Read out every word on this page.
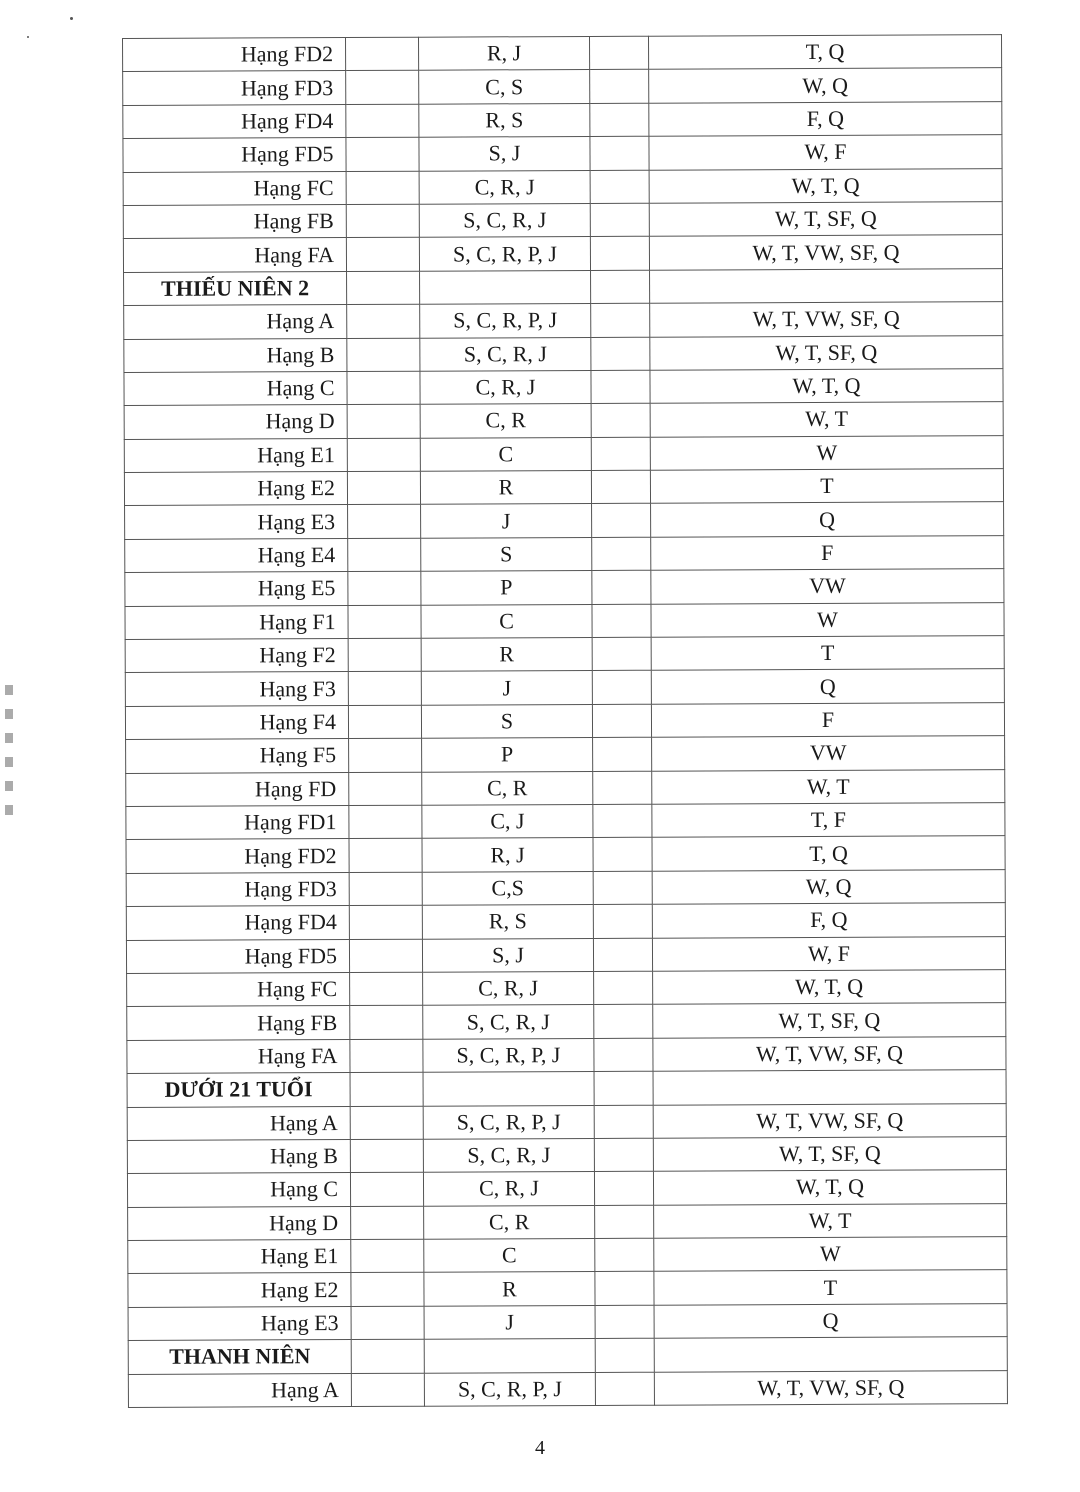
Hạng FD2		R, J		T, Q
Hạng FD3		C, S		W, Q
Hạng FD4		R, S		F, Q
Hạng FD5		S, J		W, F
Hạng FC		C, R, J		W, T, Q
Hạng FB		S, C, R, J		W, T, SF, Q
Hạng FA		S, C, R, P, J		W, T, VW, SF, Q
THIẾU NIÊN 2				
Hạng A		S, C, R, P, J		W, T, VW, SF, Q
Hạng B		S, C, R, J		W, T, SF, Q
Hạng C		C, R, J		W, T, Q
Hạng D		C, R		W, T
Hạng E1		C		W
Hạng E2		R		T
Hạng E3		J		Q
Hạng E4		S		F
Hạng E5		P		VW
Hạng F1		C		W
Hạng F2		R		T
Hạng F3		J		Q
Hạng F4		S		F
Hạng F5		P		VW
Hạng FD		C, R		W, T
Hạng FD1		C, J		T, F
Hạng FD2		R, J		T, Q
Hạng FD3		C,S		W, Q
Hạng FD4		R, S		F, Q
Hạng FD5		S, J		W, F
Hạng FC		C, R, J		W, T, Q
Hạng FB		S, C, R, J		W, T, SF, Q
Hạng FA		S, C, R, P, J		W, T, VW, SF, Q
DƯỚI 21 TUỔI				
Hạng A		S, C, R, P, J		W, T, VW, SF, Q
Hạng B		S, C, R, J		W, T, SF, Q
Hạng C		C, R, J		W, T, Q
Hạng D		C, R		W, T
Hạng E1		C		W
Hạng E2		R		T
Hạng E3		J		Q
THANH NIÊN				
Hạng A		S, C, R, P, J		W, T, VW, SF, Q
4
